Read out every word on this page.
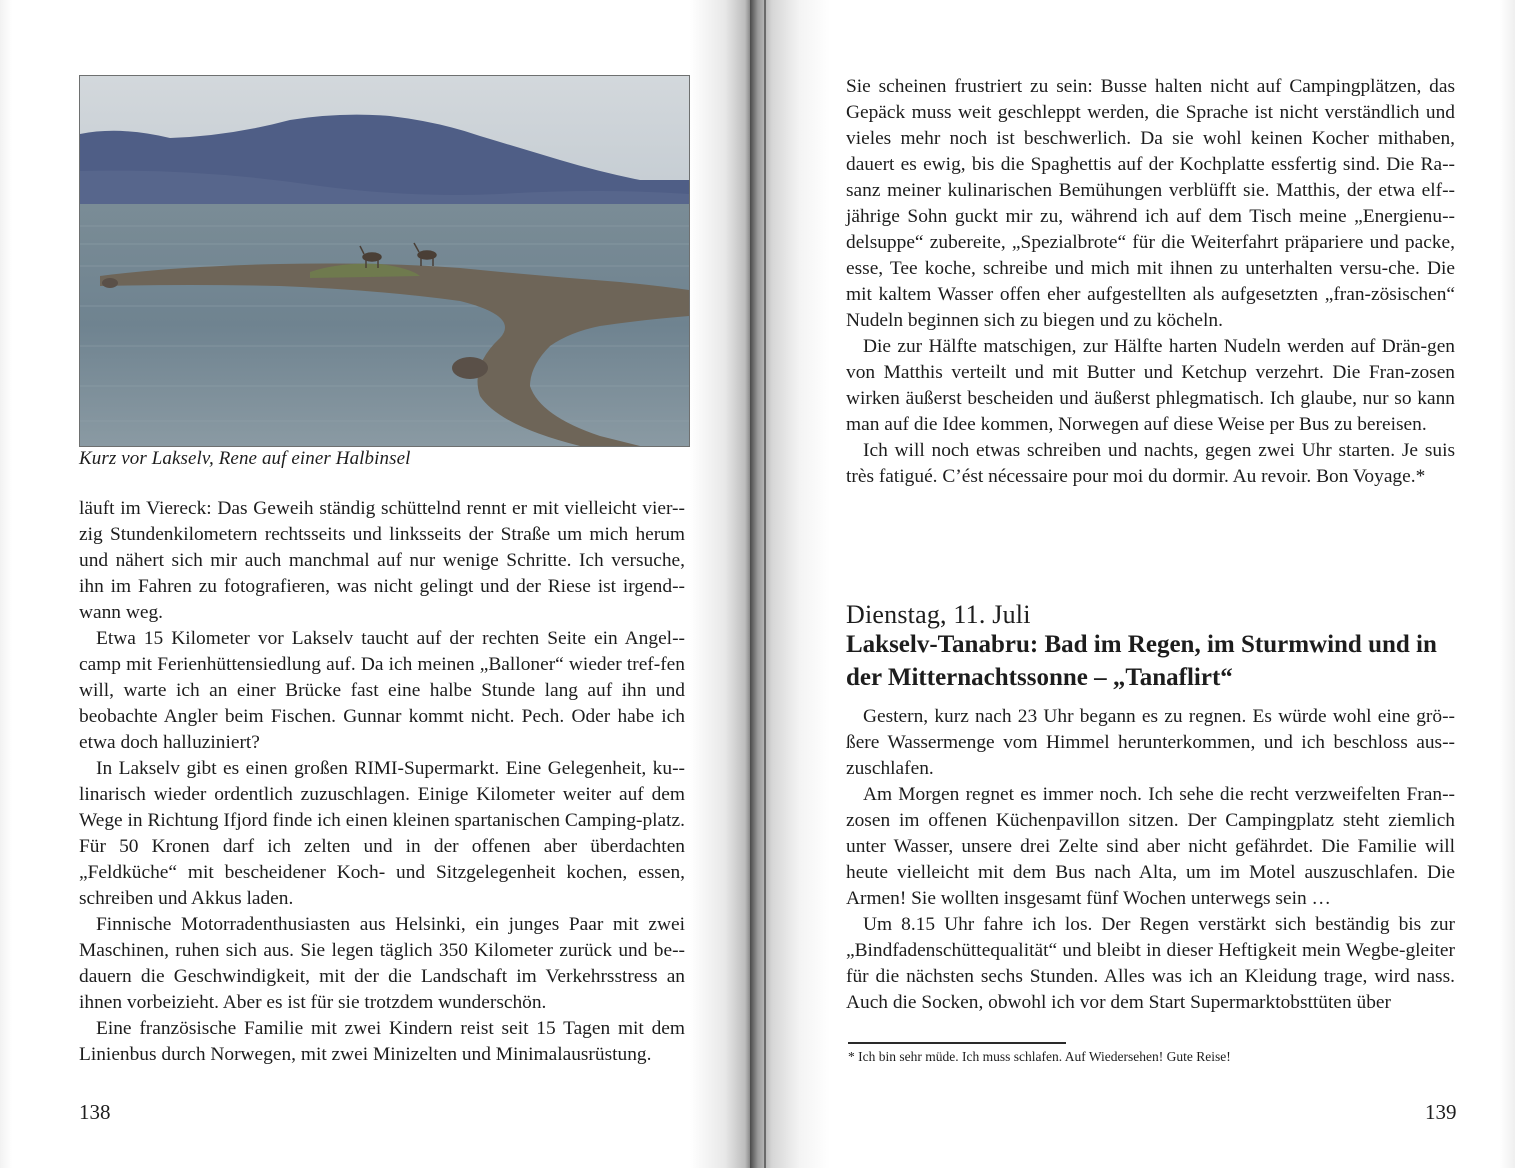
Kurz vor Lakselv, Rene auf einer Halbinsel

läuft im Viereck: Das Geweih ständig schüttelnd rennt er mit vielleicht vier-zig Stundenkilometern rechtsseits und linksseits der Straße um mich herum und nähert sich mir auch manchmal auf nur wenige Schritte. Ich versuche, ihn im Fahren zu fotografieren, was nicht gelingt und der Riese ist irgend-wann weg.

Etwa 15 Kilometer vor Lakselv taucht auf der rechten Seite ein Angel-camp mit Ferienhüttensiedlung auf. Da ich meinen „Balloner“ wieder tref-fen will, warte ich an einer Brücke fast eine halbe Stunde lang auf ihn und beobachte Angler beim Fischen. Gunnar kommt nicht. Pech. Oder habe ich etwa doch halluziniert?

In Lakselv gibt es einen großen RIMI-Supermarkt. Eine Gelegenheit, ku-linarisch wieder ordentlich zuzuschlagen. Einige Kilometer weiter auf dem Wege in Richtung Ifjord finde ich einen kleinen spartanischen Camping-platz. Für 50 Kronen darf ich zelten und in der offenen aber überdachten „Feldküche“ mit bescheidener Koch- und Sitzgelegenheit kochen, essen, schreiben und Akkus laden.

Finnische Motorradenthusiasten aus Helsinki, ein junges Paar mit zwei Maschinen, ruhen sich aus. Sie legen täglich 350 Kilometer zurück und be-dauern die Geschwindigkeit, mit der die Landschaft im Verkehrsstress an ihnen vorbeizieht. Aber es ist für sie trotzdem wunderschön.

Eine französische Familie mit zwei Kindern reist seit 15 Tagen mit dem Linienbus durch Norwegen, mit zwei Minizelten und Minimalausrüstung.

138

Sie scheinen frustriert zu sein: Busse halten nicht auf Campingplätzen, das Gepäck muss weit geschleppt werden, die Sprache ist nicht verständlich und vieles mehr noch ist beschwerlich. Da sie wohl keinen Kocher mithaben, dauert es ewig, bis die Spaghettis auf der Kochplatte essfertig sind. Die Ra-sanz meiner kulinarischen Bemühungen verblüfft sie. Matthis, der etwa elf-jährige Sohn guckt mir zu, während ich auf dem Tisch meine „Energienu-delsuppe“ zubereite, „Spezialbrote“ für die Weiterfahrt präpariere und packe, esse, Tee koche, schreibe und mich mit ihnen zu unterhalten versu-che. Die mit kaltem Wasser offen eher aufgestellten als aufgesetzten „fran-zösischen“ Nudeln beginnen sich zu biegen und zu köcheln.

Die zur Hälfte matschigen, zur Hälfte harten Nudeln werden auf Drän-gen von Matthis verteilt und mit Butter und Ketchup verzehrt. Die Fran-zosen wirken äußerst bescheiden und äußerst phlegmatisch. Ich glaube, nur so kann man auf die Idee kommen, Norwegen auf diese Weise per Bus zu bereisen.

Ich will noch etwas schreiben und nachts, gegen zwei Uhr starten. Je suis très fatigué. C’ést nécessaire pour moi du dormir. Au revoir. Bon Voyage.*

Dienstag, 11. Juli
Lakselv-Tanabru: Bad im Regen, im Sturmwind und in der Mitternachtssonne – „Tanaflirt“

Gestern, kurz nach 23 Uhr begann es zu regnen. Es würde wohl eine grö-ßere Wassermenge vom Himmel herunterkommen, und ich beschloss aus-zuschlafen.

Am Morgen regnet es immer noch. Ich sehe die recht verzweifelten Fran-zosen im offenen Küchenpavillon sitzen. Der Campingplatz steht ziemlich unter Wasser, unsere drei Zelte sind aber nicht gefährdet. Die Familie will heute vielleicht mit dem Bus nach Alta, um im Motel auszuschlafen. Die Armen! Sie wollten insgesamt fünf Wochen unterwegs sein …

Um 8.15 Uhr fahre ich los. Der Regen verstärkt sich beständig bis zur „Bindfadenschüttequalität“ und bleibt in dieser Heftigkeit mein Wegbe-gleiter für die nächsten sechs Stunden. Alles was ich an Kleidung trage, wird nass. Auch die Socken, obwohl ich vor dem Start Supermarktobsttüten über

* Ich bin sehr müde. Ich muss schlafen. Auf Wiedersehen! Gute Reise!
139
